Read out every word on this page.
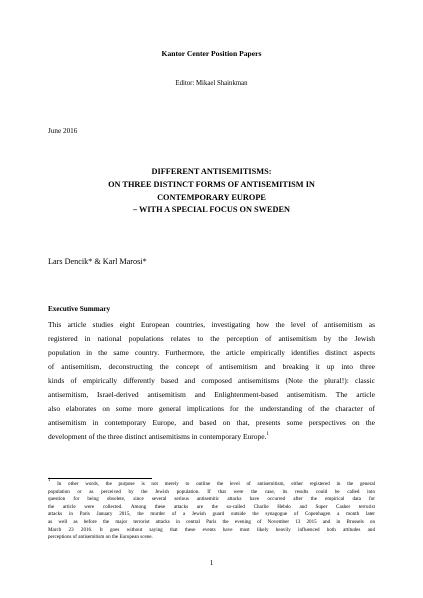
Kantor Center Position Papers
Editor: Mikael Shainkman
June 2016
DIFFERENT ANTISEMITISMS:
ON THREE DISTINCT FORMS OF ANTISEMITISM IN
CONTEMPORARY EUROPE
– WITH A SPECIAL FOCUS ON SWEDEN
Lars Dencik* & Karl Marosi*
Executive Summary
This article studies eight European countries, investigating how the level of antisemitism as
registered in national populations relates to the perception of antisemitism by the Jewish
population in the same country. Furthermore, the article empirically identifies distinct aspects
of antisemitism, deconstructing the concept of antisemitism and breaking it up into three
kinds of empirically differently based and composed antisemitisms (Note the plural!): classic
antisemitism, Israel-derived antisemitism and Enlightenment-based antisemitism. The article
also elaborates on some more general implications for the understanding of the character of
antisemitism in contemporary Europe, and based on that, presents some perspectives on the
development of the three distinct antisemitisms in contemporary Europe.$^1$
$^1$ In other words, the purpose is not merely to outline the level of antisemitism, either registered in the general
population or as perceived by the Jewish population. If that were the case, its results could be called into
question for being obsolete, since several serious antisemitic attacks have occurred after the empirical data for
the article were collected. Among these attacks are the so-called Charlie Hebdo and Super Casher terrorist
attacks in Paris January 2015, the murder of a Jewish guard outside the synagogue of Copenhagen a month later
as well as before the major terrorist attacks in central Paris the evening of November 13 2015 and in Brussels on
March 23 2016. It goes without saying that these events have most likely heavily influenced both attitudes and
perceptions of antisemitism on the European scene.
1
